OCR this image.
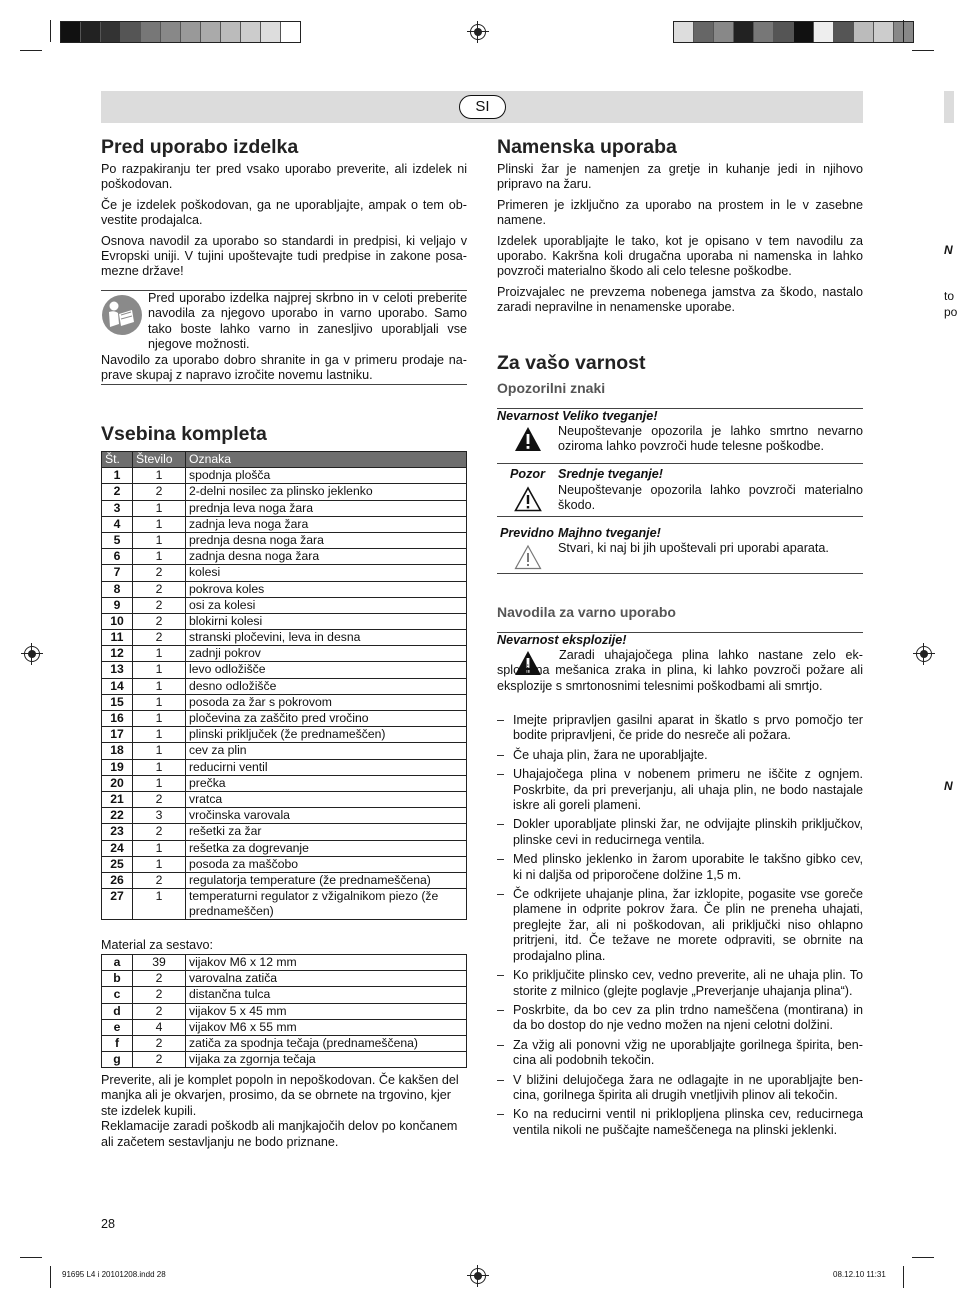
SI
Pred uporabo izdelka

Po razpakiranju ter pred vsako uporabo preverite, ali izdelek ni poškodovan.

Če je izdelek poškodovan, ga ne uporabljajte, ampak o tem obvestite prodajalca.

Osnova navodil za uporabo so standardi in predpisi, ki veljajo v Evropski uniji. V tujini upoštevajte tudi predpise in zakone posamezne države!

Pred uporabo izdelka najprej skrbno in v celoti preberite navodila za njegovo uporabo in varno uporabo. Samo tako boste lahko varno in zanesljivo uporabljali vse njegove možnosti.

Navodilo za uporabo dobro shranite in ga v primeru prodaje naprave skupaj z napravo izročite novemu lastniku.

Vsebina kompleta
Št.	Število	Oznaka
1	1	spodnja plošča
2	2	2-delni nosilec za plinsko jeklenko
3	1	prednja leva noga žara
4	1	zadnja leva noga žara
5	1	prednja desna noga žara
6	1	zadnja desna noga žara
7	2	kolesi
8	2	pokrova koles
9	2	osi za kolesi
10	2	blokirni kolesi
11	2	stranski pločevini, leva in desna
12	1	zadnji pokrov
13	1	levo odložišče
14	1	desno odložišče
15	1	posoda za žar s pokrovom
16	1	pločevina za zaščito pred vročino
17	1	plinski priključek (že prednameščen)
18	1	cev za plin
19	1	reducirni ventil
20	1	prečka
21	2	vratca
22	3	vročinska varovala
23	2	rešetki za žar
24	1	rešetka za dogrevanje
25	1	posoda za maščobo
26	2	regulatorja temperature (že prednameščena)
27	1	temperaturni regulator z vžigalnikom piezo (že prednameščen)
Material za sestavo:
a	39	vijakov M6 x 12 mm
b	2	varovalna zatiča
c	2	distančna tulca
d	2	vijakov 5 x 45 mm
e	4	vijakov M6 x 55 mm
f	2	zatiča za spodnja tečaja (prednameščena)
g	2	vijaka za zgornja tečaja

Preverite, ali je komplet popoln in nepoškodovan. Če kakšen del manjka ali je okvarjen, prosimo, da se obrnete na trgovino, kjer ste izdelek kupili.

Reklamacije zaradi poškodb ali manjkajočih delov po končanem ali začetem sestavljanju ne bodo priznane.

Namenska uporaba

Plinski žar je namenjen za gretje in kuhanje jedi in njihovo pripravo na žaru.

Primeren je izključno za uporabo na prostem in le v zasebne namene.

Izdelek uporabljajte le tako, kot je opisano v tem navodilu za uporabo. Kakršna koli drugačna uporaba ni namenska in lahko povzroči materialno škodo ali celo telesne poškodbe.

Proizvajalec ne prevzema nobenega jamstva za škodo, nastalo zaradi nepravilne in nenamenske uporabe.

Za vašo varnost
Opozorilni znaki
Nevarnost Veliko tveganje!
Neupoštevanje opozorila je lahko smrtno nevarno oziroma lahko povzroči hude telesne poškodbe.
Pozor Srednje tveganje!
Neupoštevanje opozorila lahko povzroči materialno škodo.
Previdno Majhno tveganje!
Stvari, ki naj bi jih upoštevali pri uporabi aparata.
Navodila za varno uporabo
Nevarnost eksplozije!
Zaradi uhajajočega plina lahko nastane zelo eksplozivna mešanica zraka in plina, ki lahko povzroči požare ali eksplozije s smrtonosnimi telesnimi poškodbami ali smrtjo.
– Imejte pripravljen gasilni aparat in škatlo s prvo pomočjo ter bodite pripravljeni, če pride do nesreče ali požara.
– Če uhaja plin, žara ne uporabljajte.
– Uhajajočega plina v nobenem primeru ne iščite z ognjem. Poskrbite, da pri preverjanju, ali uhaja plin, ne bodo nastajale iskre ali goreli plameni.
– Dokler uporabljate plinski žar, ne odvijajte plinskih priključkov, plinske cevi in reducirnega ventila.
– Med plinsko jeklenko in žarom uporabite le takšno gibko cev, ki ni daljša od priporočene dolžine 1,5 m.
– Če odkrijete uhajanje plina, žar izklopite, pogasite vse goreče plamene in odprite pokrov žara. Če plin ne preneha uhajati, preglejte žar, ali ni poškodovan, ali priključki niso ohlapno pritrjeni, itd. Če težave ne morete odpraviti, se obrnite na prodajalno plina.
– Ko priključite plinsko cev, vedno preverite, ali ne uhaja plin. To storite z milnico (glejte poglavje „Preverjanje uhajanja plina“).
– Poskrbite, da bo cev za plin trdno nameščena (montirana) in da bo dostop do nje vedno možen na njeni celotni dolžini.
– Za vžig ali ponovni vžig ne uporabljajte gorilnega špirita, bencina ali podobnih tekočin.
– V bližini delujočega žara ne odlagajte in ne uporabljajte bencina, gorilnega špirita ali drugih vnetljivih plinov ali tekočin.
– Ko na reducirni ventil ni priklopljena plinska cev, reducirnega ventila nikoli ne puščajte nameščenega na plinski jeklenki.
N
to
po
N
28
91695 L4 i 20101208.indd 28	08.12.10 11:31
